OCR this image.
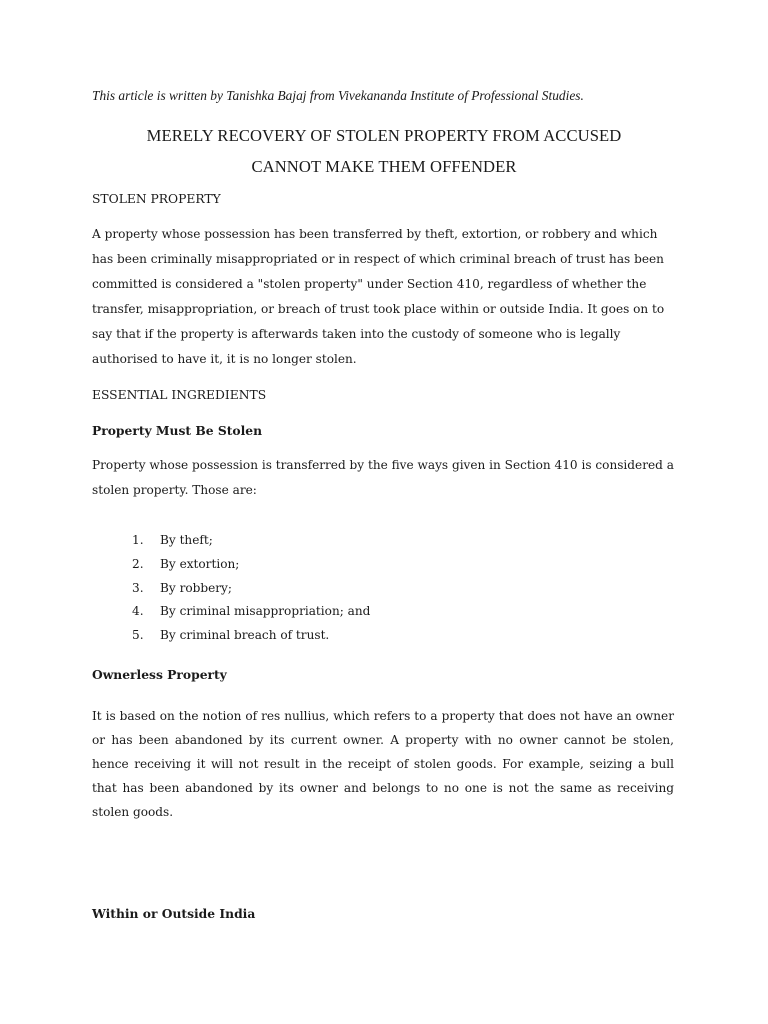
This article is written by Tanishka Bajaj from Vivekananda Institute of Professional Studies.
MERELY RECOVERY OF STOLEN PROPERTY FROM ACCUSED
CANNOT MAKE THEM OFFENDER
STOLEN PROPERTY

A property whose possession has been transferred by theft, extortion, or robbery and which has been criminally misappropriated or in respect of which criminal breach of trust has been committed is considered a "stolen property" under Section 410, regardless of whether the transfer, misappropriation, or breach of trust took place within or outside India. It goes on to say that if the property is afterwards taken into the custody of someone who is legally authorised to have it, it is no longer stolen.

ESSENTIAL INGREDIENTS
Property Must Be Stolen

Property whose possession is transferred by the five ways given in Section 410 is considered a stolen property. Those are:

1. By theft;
2. By extortion;
3. By robbery;
4. By criminal misappropriation; and
5. By criminal breach of trust.
Ownerless Property

It is based on the notion of res nullius, which refers to a property that does not have an owner or has been abandoned by its current owner. A property with no owner cannot be stolen, hence receiving it will not result in the receipt of stolen goods. For example, seizing a bull that has been abandoned by its owner and belongs to no one is not the same as receiving stolen goods.

Within or Outside India
